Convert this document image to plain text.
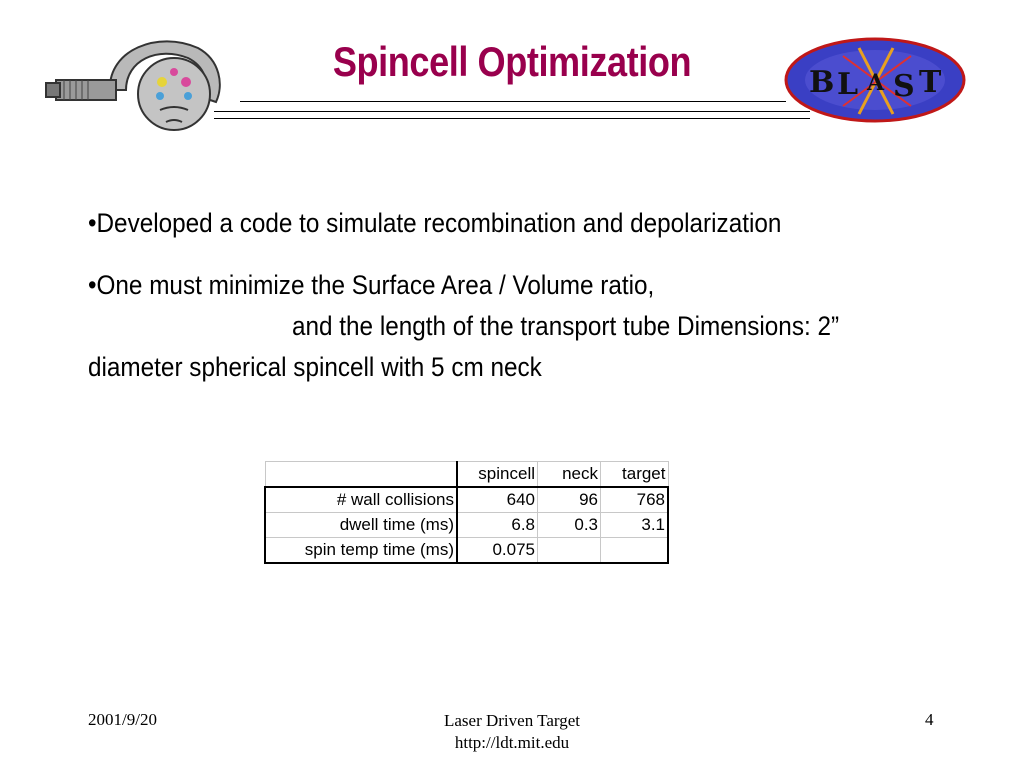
Spincell Optimization	B L A S T
•Developed a code to simulate recombination and depolarization
•One must minimize the Surface Area / Volume ratio,
and the length of the transport tube Dimensions: 2”
diameter spherical spincell with 5 cm neck
	spincell	neck	target
# wall collisions	640	96	768
dwell time (ms)	6.8	0.3	3.1
spin temp time (ms)	0.075		
2001/9/20	Laser Driven Target
http://ldt.mit.edu
4
